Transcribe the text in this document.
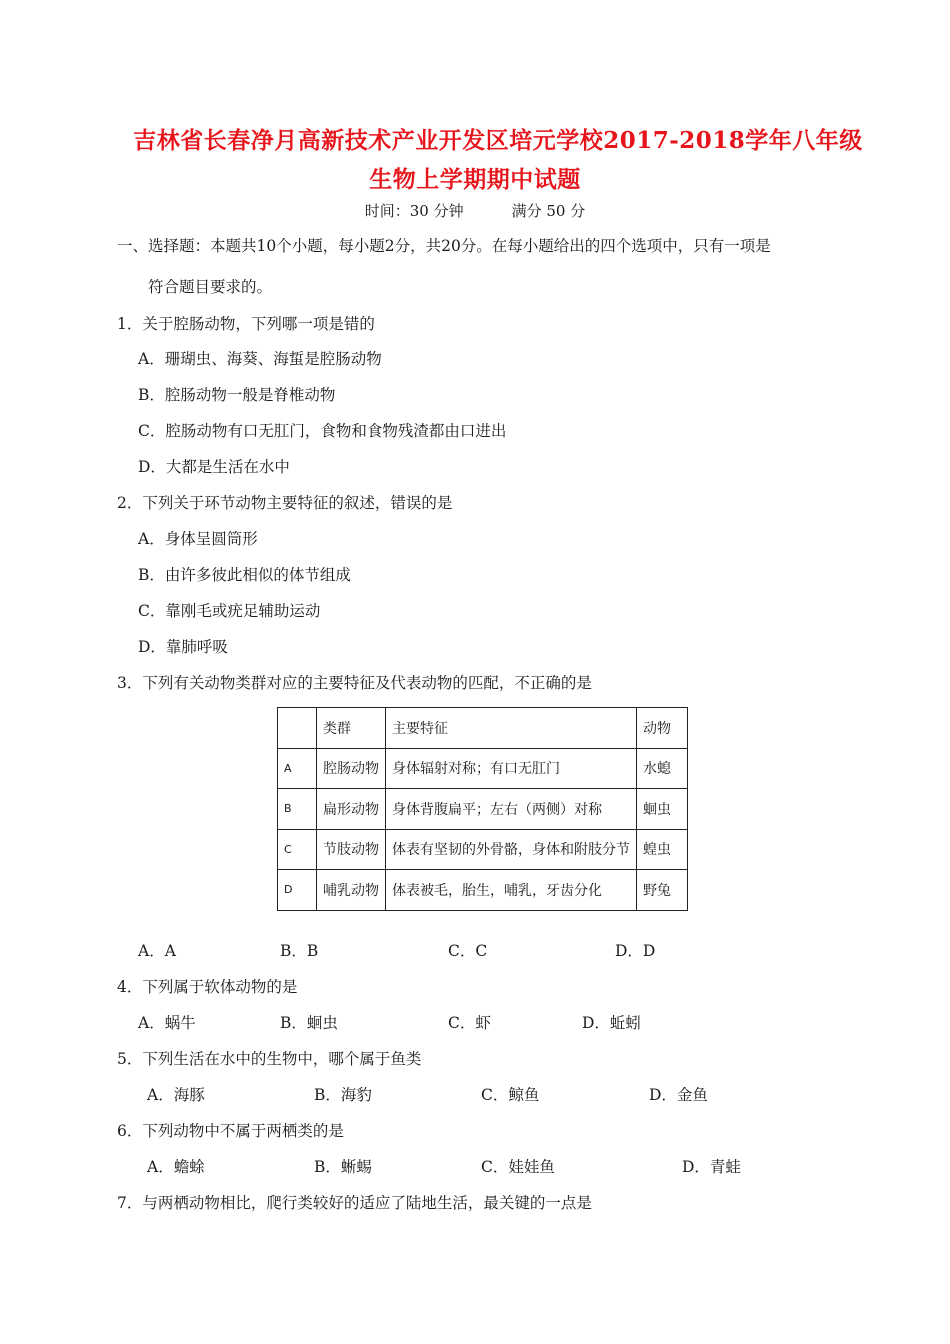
吉林省长春净月高新技术产业开发区培元学校2017-2018学年八年级
生物上学期期中试题
时间：30 分钟	满分 50 分
一、选择题：本题共10个小题，每小题2分，共20分。在每小题给出的四个选项中，只有一项是
符合题目要求的。
1．关于腔肠动物，下列哪一项是错的
A．珊瑚虫、海葵、海蜇是腔肠动物
B．腔肠动物一般是脊椎动物
C．腔肠动物有口无肛门，食物和食物残渣都由口进出
D．大都是生活在水中
2．下列关于环节动物主要特征的叙述，错误的是
A．身体呈圆筒形
B．由许多彼此相似的体节组成
C．靠刚毛或疣足辅助运动
D．靠肺呼吸
3．下列有关动物类群对应的主要特征及代表动物的匹配，不正确的是
	类群	主要特征	动物
A	腔肠动物	身体辐射对称；有口无肛门	水螅
B	扁形动物	身体背腹扁平；左右（两侧）对称	蛔虫
C	节肢动物	体表有坚韧的外骨骼，身体和附肢分节	蝗虫
D	哺乳动物	体表被毛，胎生，哺乳，牙齿分化	野兔
A．A	B．B	C．C	D．D
4．下列属于软体动物的是
A．蜗牛	B．蛔虫	C．虾	D．蚯蚓
5．下列生活在水中的生物中，哪个属于鱼类
A．海豚	B．海豹	C．鲸鱼	D．金鱼
6．下列动物中不属于两栖类的是
A．蟾蜍	B．蜥蜴	C．娃娃鱼	D．青蛙
7．与两栖动物相比，爬行类较好的适应了陆地生活，最关键的一点是
